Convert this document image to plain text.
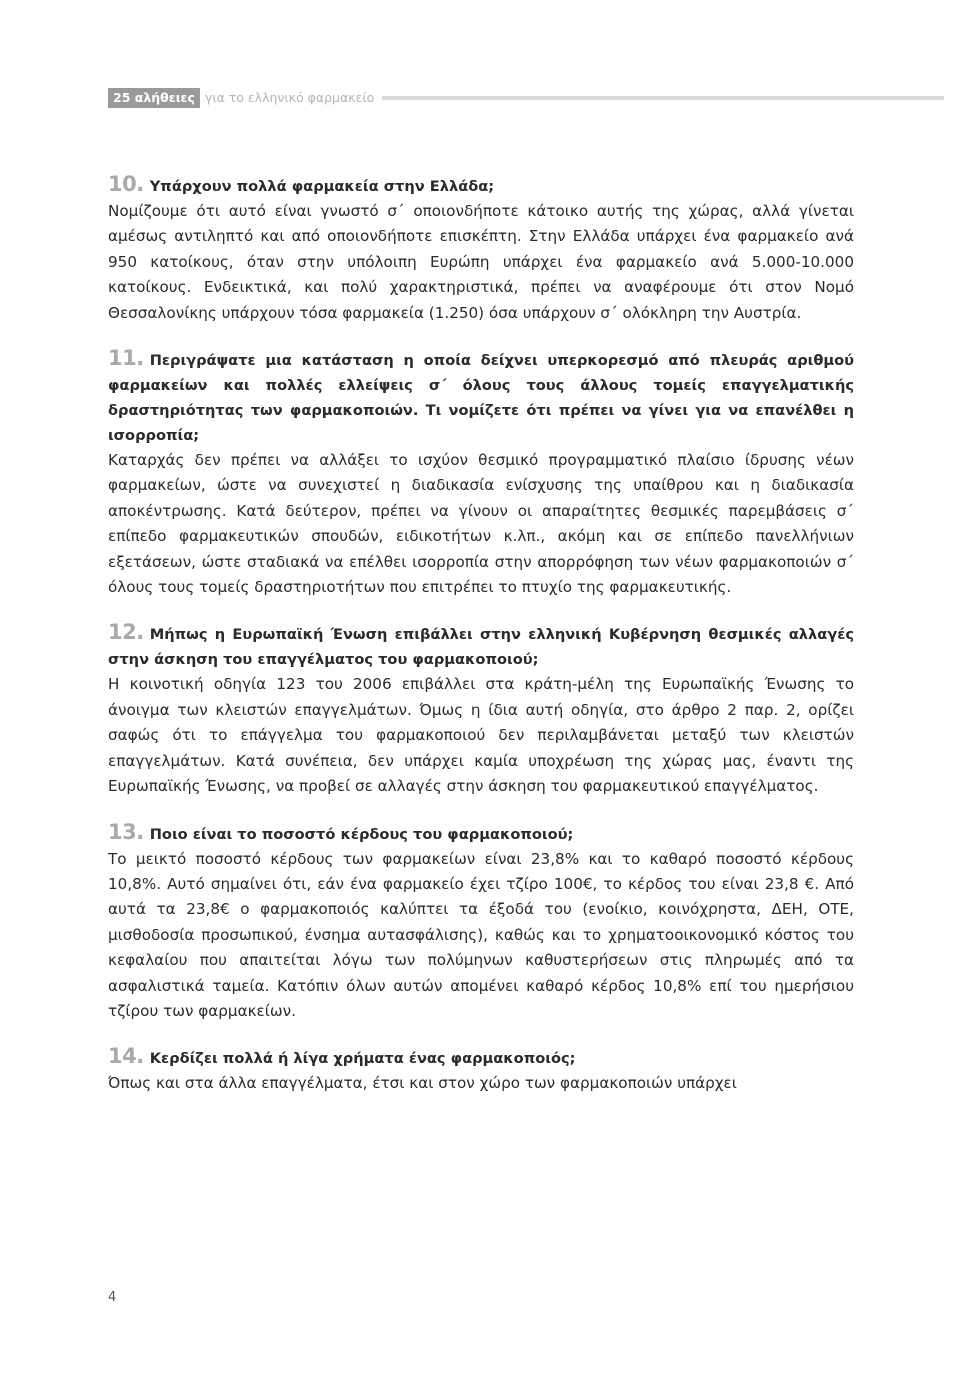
25 αλήθειες για το ελληνικό φαρμακείο
10. Υπάρχουν πολλά φαρμακεία στην Ελλάδα;

Νομίζουμε ότι αυτό είναι γνωστό σ΄ οποιονδήποτε κάτοικο αυτής της χώρας, αλλά γίνεται αμέσως αντιληπτό και από οποιονδήποτε επισκέπτη. Στην Ελλάδα υπάρχει ένα φαρμακείο ανά 950 κατοίκους, όταν στην υπόλοιπη Ευρώπη υπάρχει ένα φαρμακείο ανά 5.000-10.000 κατοίκους. Ενδεικτικά, και πολύ χαρακτηριστικά, πρέπει να αναφέρουμε ότι στον Νομό Θεσσαλονίκης υπάρχουν τόσα φαρμακεία (1.250) όσα υπάρχουν σ΄ ολόκληρη την Αυστρία.

11. Περιγράψατε μια κατάσταση η οποία δείχνει υπερκορεσμό από πλευράς αριθμού φαρμακείων και πολλές ελλείψεις σ΄ όλους τους άλλους τομείς επαγγελματικής δραστηριότητας των φαρμακοποιών. Τι νομίζετε ότι πρέπει να γίνει για να επανέλθει η ισορροπία;

Καταρχάς δεν πρέπει να αλλάξει το ισχύον θεσμικό προγραμματικό πλαίσιο ίδρυσης νέων φαρμακείων, ώστε να συνεχιστεί η διαδικασία ενίσχυσης της υπαίθρου και η διαδικασία αποκέντρωσης. Κατά δεύτερον, πρέπει να γίνουν οι απαραίτητες θεσμικές παρεμβάσεις σ΄ επίπεδο φαρμακευτικών σπουδών, ειδικοτήτων κ.λπ., ακόμη και σε επίπεδο πανελλήνιων εξετάσεων, ώστε σταδιακά να επέλθει ισορροπία στην απορρόφηση των νέων φαρμακοποιών σ΄ όλους τους τομείς δραστηριοτήτων που επιτρέπει το πτυχίο της φαρμακευτικής.

12. Μήπως η Ευρωπαϊκή Ένωση επιβάλλει στην ελληνική Κυβέρνηση θεσμικές αλλαγές στην άσκηση του επαγγέλματος του φαρμακοποιού;

Η κοινοτική οδηγία 123 του 2006 επιβάλλει στα κράτη-μέλη της Ευρωπαϊκής Ένωσης το άνοιγμα των κλειστών επαγγελμάτων. Όμως η ίδια αυτή οδηγία, στο άρθρο 2 παρ. 2, ορίζει σαφώς ότι το επάγγελμα του φαρμακοποιού δεν περιλαμβάνεται μεταξύ των κλειστών επαγγελμάτων. Κατά συνέπεια, δεν υπάρχει καμία υποχρέωση της χώρας μας, έναντι της Ευρωπαϊκής Ένωσης, να προβεί σε αλλαγές στην άσκηση του φαρμακευτικού επαγγέλματος.

13. Ποιο είναι το ποσοστό κέρδους του φαρμακοποιού;

Το μεικτό ποσοστό κέρδους των φαρμακείων είναι 23,8% και το καθαρό ποσοστό κέρδους 10,8%. Αυτό σημαίνει ότι, εάν ένα φαρμακείο έχει τζίρο 100€, το κέρδος του είναι 23,8 €. Από αυτά τα 23,8€ ο φαρμακοποιός καλύπτει τα έξοδά του (ενοίκιο, κοινόχρηστα, ΔΕΗ, ΟΤΕ, μισθοδοσία προσωπικού, ένσημα αυτασφάλισης), καθώς και το χρηματοοικονομικό κόστος του κεφαλαίου που απαιτείται λόγω των πολύμηνων καθυστερήσεων στις πληρωμές από τα ασφαλιστικά ταμεία. Κατόπιν όλων αυτών απομένει καθαρό κέρδος 10,8% επί του ημερήσιου τζίρου των φαρμακείων.

14. Κερδίζει πολλά ή λίγα χρήματα ένας φαρμακοποιός;

Όπως και στα άλλα επαγγέλματα, έτσι και στον χώρο των φαρμακοποιών υπάρχει

4
